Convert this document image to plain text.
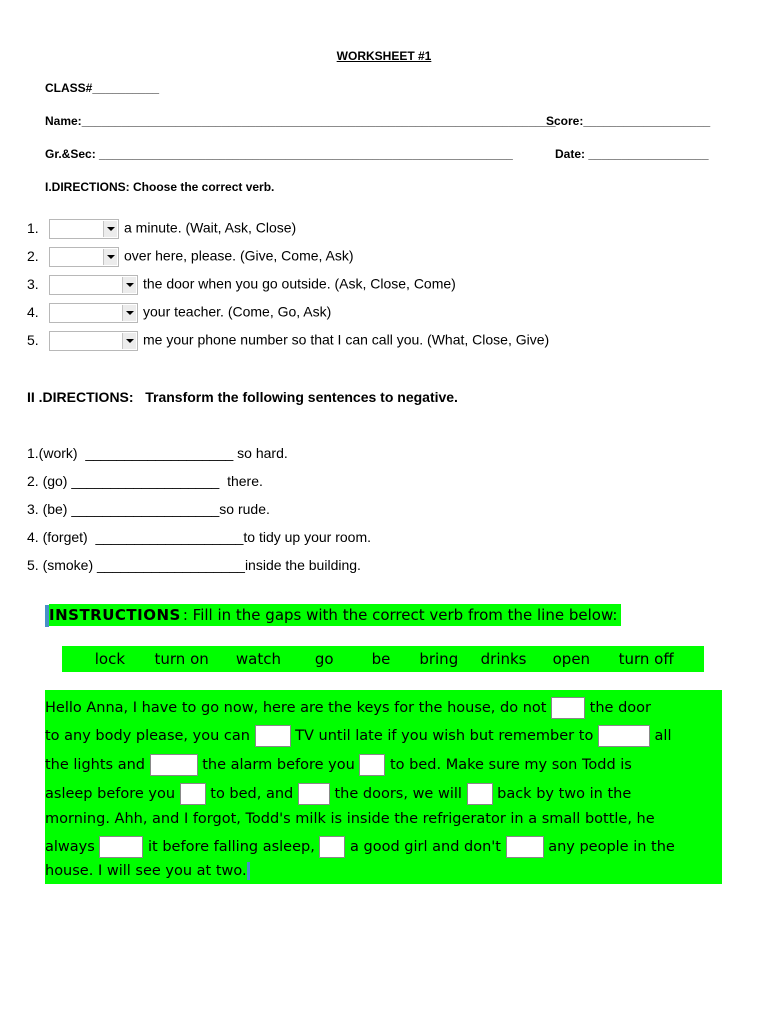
WORKSHEET #1
CLASS#__________
Name:_______________________________________________________________________
Score:___________________
Gr.&Sec: ______________________________________________________________	Date: __________________
I.DIRECTIONS: Choose the correct verb.
1.	a minute. (Wait, Ask, Close)
2.	over here, please. (Give, Come, Ask)
3.	the door when you go outside. (Ask, Close, Come)
4.	your teacher. (Come, Go, Ask)
5.	me your phone number so that I can call you. (What, Close, Give)
II .DIRECTIONS:   Transform the following sentences to negative.
1.(work)  ___________________ so hard.
2. (go) ___________________  there.
3. (be) ___________________so rude.
4. (forget)  ___________________to tidy up your room.
5. (smoke) ___________________inside the building.
INSTRUCTIONS : Fill in the gaps with the correct verb from the line below:
lock turn on watch go	be bring drinks open turn off
Hello Anna, I have to go now, here are the keys for the house, do not	the door
to any body please, you can	TV until late if you wish but remember to	all
the lights and	the alarm before you to bed. Make sure my son Todd is
asleep before you to bed, and	the doors, we will back by two in the
morning. Ahh, and I forgot, Todd's milk is inside the refrigerator in a small bottle, he
always	it before falling asleep, a good girl and don't	any people in the
house. I will see you at two.
